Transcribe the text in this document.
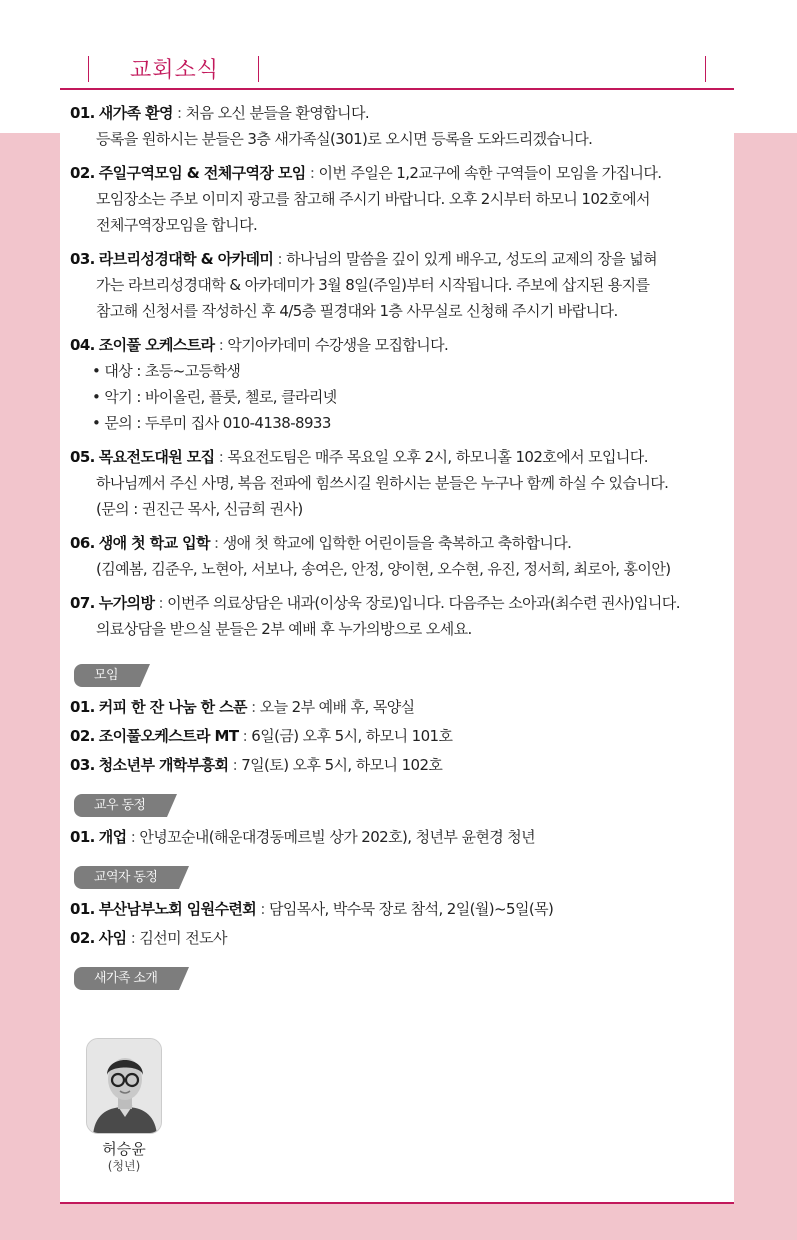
교회소식
01. 새가족 환영 : 처음 오신 분들을 환영합니다.
등록을 원하시는 분들은 3층 새가족실(301)로 오시면 등록을 도와드리겠습니다.
02. 주일구역모임 & 전체구역장 모임 : 이번 주일은 1,2교구에 속한 구역들이 모임을 가집니다.
모임장소는 주보 이미지 광고를 참고해 주시기 바랍니다. 오후 2시부터 하모니 102호에서
전체구역장모임을 합니다.
03. 라브리성경대학 & 아카데미 : 하나님의 말씀을 깊이 있게 배우고, 성도의 교제의 장을 넓혀
가는 라브리성경대학 & 아카데미가 3월 8일(주일)부터 시작됩니다. 주보에 삽지된 용지를
참고해 신청서를 작성하신 후 4/5층 필경대와 1층 사무실로 신청해 주시기 바랍니다.
04. 조이풀 오케스트라 : 악기아카데미 수강생을 모집합니다.
• 대상 : 초등~고등학생
• 악기 : 바이올린, 플룻, 첼로, 클라리넷
• 문의 : 두루미 집사 010-4138-8933
05. 목요전도대원 모집 : 목요전도팀은 매주 목요일 오후 2시, 하모니홀 102호에서 모입니다.
하나님께서 주신 사명, 복음 전파에 힘쓰시길 원하시는 분들은 누구나 함께 하실 수 있습니다.
(문의 : 권진근 목사, 신금희 권사)
06. 생애 첫 학교 입학 : 생애 첫 학교에 입학한 어린이들을 축복하고 축하합니다.
(김예봄, 김준우, 노현아, 서보나, 송여은, 안정, 양이현, 오수현, 유진, 정서희, 최로아, 홍이안)
07. 누가의방 : 이번주 의료상담은 내과(이상욱 장로)입니다. 다음주는 소아과(최수련 권사)입니다.
의료상담을 받으실 분들은 2부 예배 후 누가의방으로 오세요.
모임
01. 커피 한 잔 나눔 한 스푼 : 오늘 2부 예배 후, 목양실
02. 조이풀오케스트라 MT : 6일(금) 오후 5시, 하모니 101호
03. 청소년부 개학부흥회 : 7일(토) 오후 5시, 하모니 102호
교우 동정
01. 개업 : 안녕꼬순내(해운대경동메르빌 상가 202호), 청년부 윤현경 청년
교역자 동정
01. 부산남부노회 임원수련회 : 담임목사, 박수묵 장로 참석, 2일(월)~5일(목)
02. 사임 : 김선미 전도사
새가족 소개
허승윤
(청년)
